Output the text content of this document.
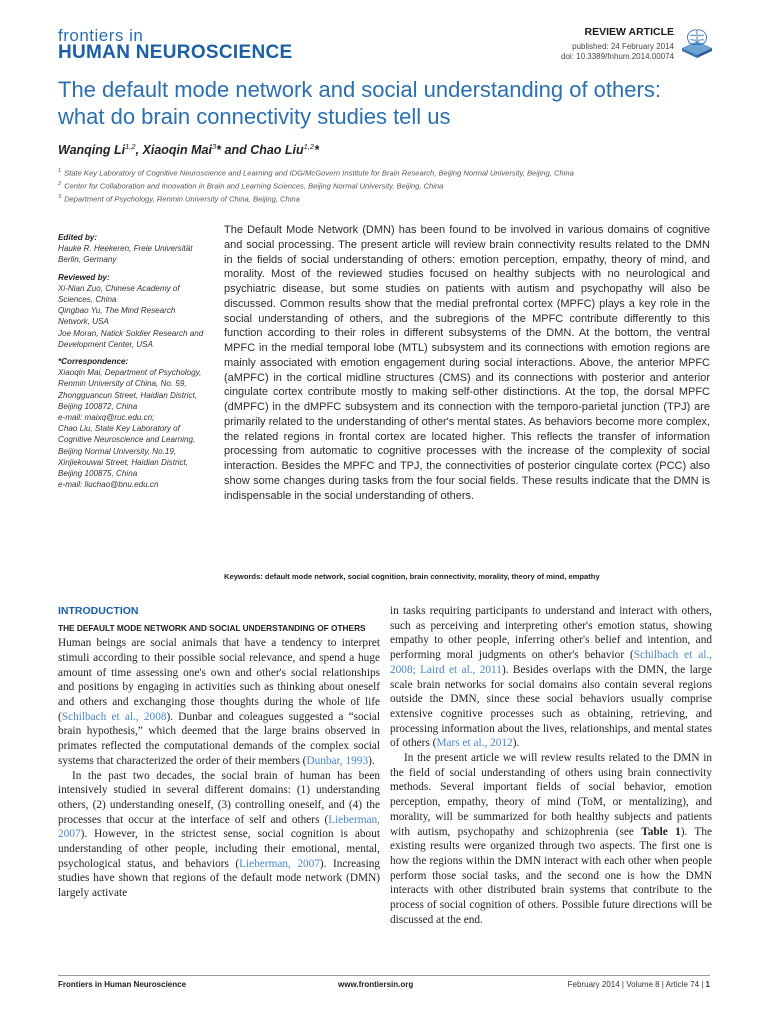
frontiers in
HUMAN NEUROSCIENCE
REVIEW ARTICLE
published: 24 February 2014
doi: 10.3389/fnhum.2014.00074
The default mode network and social understanding of others: what do brain connectivity studies tell us
Wanqing Li$^{1,2}$, Xiaoqin Mai$^3$* and Chao Liu$^{1,2}$*
$^1$ State Key Laboratory of Cognitive Neuroscience and Learning and IDG/McGovern Institute for Brain Research, Beijing Normal University, Beijing, China
$^2$ Center for Collaboration and Innovation in Brain and Learning Sciences, Beijing Normal University, Beijing, China
$^3$ Department of Psychology, Renmin University of China, Beijing, China

Edited by:

Hauke R. Heekeren, Freie Universität Berlin, Germany

Reviewed by:

Xi-Nian Zuo, Chinese Academy of Sciences, China

Qingbao Yu, The Mind Research Network, USA

Joe Moran, Natick Soldier Research and Development Center, USA

*Correspondence:

Xiaoqin Mai, Department of Psychology, Renmin University of China, No. 59, Zhongguancun Street, Haidian District, Beijing 100872, China

e-mail: maixq@ruc.edu.cn;

Chao Liu, State Key Laboratory of Cognitive Neuroscience and Learning, Beijing Normal University, No.19, Xinjiekouwai Street, Haidian District, Beijing 100875, China

e-mail: liuchao@bnu.edu.cn

The Default Mode Network (DMN) has been found to be involved in various domains of cognitive and social processing. The present article will review brain connectivity results related to the DMN in the fields of social understanding of others: emotion perception, empathy, theory of mind, and morality. Most of the reviewed studies focused on healthy subjects with no neurological and psychiatric disease, but some studies on patients with autism and psychopathy will also be discussed. Common results show that the medial prefrontal cortex (MPFC) plays a key role in the social understanding of others, and the subregions of the MPFC contribute differently to this function according to their roles in different subsystems of the DMN. At the bottom, the ventral MPFC in the medial temporal lobe (MTL) subsystem and its connections with emotion regions are mainly associated with emotion engagement during social interactions. Above, the anterior MPFC (aMPFC) in the cortical midline structures (CMS) and its connections with posterior and anterior cingulate cortex contribute mostly to making self-other distinctions. At the top, the dorsal MPFC (dMPFC) in the dMPFC subsystem and its connection with the temporo-parietal junction (TPJ) are primarily related to the understanding of other's mental states. As behaviors become more complex, the related regions in frontal cortex are located higher. This reflects the transfer of information processing from automatic to cognitive processes with the increase of the complexity of social interaction. Besides the MPFC and TPJ, the connectivities of posterior cingulate cortex (PCC) also show some changes during tasks from the four social fields. These results indicate that the DMN is indispensable in the social understanding of others.
Keywords: default mode network, social cognition, brain connectivity, morality, theory of mind, empathy
INTRODUCTION
THE DEFAULT MODE NETWORK AND SOCIAL UNDERSTANDING OF OTHERS

Human beings are social animals that have a tendency to interpret stimuli according to their possible social relevance, and spend a huge amount of time assessing one's own and other's social relationships and positions by engaging in activities such as thinking about oneself and others and exchanging those thoughts during the whole of life (Schilbach et al., 2008). Dunbar and coleagues suggested a “social brain hypothesis,” which deemed that the large brains observed in primates reflected the computational demands of the complex social systems that characterized the order of their members (Dunbar, 1993).

In the past two decades, the social brain of human has been intensively studied in several different domains: (1) understanding others, (2) understanding oneself, (3) controlling oneself, and (4) the processes that occur at the interface of self and others (Lieberman, 2007). However, in the strictest sense, social cognition is about understanding of other people, including their emotional, mental, psychological status, and behaviors (Lieberman, 2007). Increasing studies have shown that regions of the default mode network (DMN) largely activate

in tasks requiring participants to understand and interact with others, such as perceiving and interpreting other's emotion status, showing empathy to other people, inferring other's belief and intention, and performing moral judgments on other's behavior (Schilbach et al., 2008; Laird et al., 2011). Besides overlaps with the DMN, the large scale brain networks for social domains also contain several regions outside the DMN, since these social behaviors usually comprise extensive cognitive processes such as obtaining, retrieving, and processing information about the lives, relationships, and mental states of others (Mars et al., 2012).

In the present article we will review results related to the DMN in the field of social understanding of others using brain connectivity methods. Several important fields of social behavior, emotion perception, empathy, theory of mind (ToM, or mentalizing), and morality, will be summarized for both healthy subjects and patients with autism, psychopathy and schizophrenia (see Table 1). The existing results were organized through two aspects. The first one is how the regions within the DMN interact with each other when people perform those social tasks, and the second one is how the DMN interacts with other distributed brain systems that contribute to the process of social cognition of others. Possible future directions will be discussed at the end.

Frontiers in Human Neuroscience	www.frontiersin.org	February 2014 | Volume 8 | Article 74 | 1
